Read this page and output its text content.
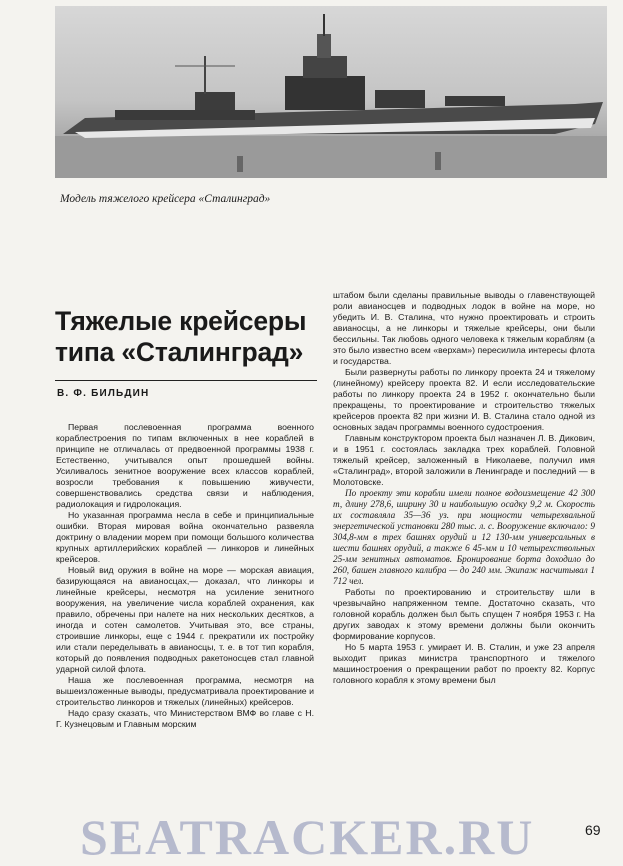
Модель тяжелого крейсера «Сталинград»

Тяжелые крейсеры
типа «Сталинград»

В. Ф. БИЛЬДИН

Первая послевоенная программа военного кораблестроения по типам включенных в нее кораблей в принципе не отличалась от предвоенной программы 1938 г. Естественно, учитывался опыт прошедшей войны. Усиливалось зенитное вооружение всех классов кораблей, возросли требования к повышению живучести, совершенствовались средства связи и наблюдения, радиолокация и гидролокация.

Но указанная программа несла в себе и принципиальные ошибки. Вторая мировая война окончательно развеяла доктрину о владении морем при помощи большого количества крупных артиллерийских кораблей — линкоров и линейных крейсеров.

Новый вид оружия в войне на море — морская авиация, базирующаяся на авианосцах,— доказал, что линкоры и линейные крейсеры, несмотря на усиление зенитного вооружения, на увеличение числа кораблей охранения, как правило, обречены при налете на них нескольких десятков, а иногда и сотен самолетов. Учитывая это, все страны, строившие линкоры, еще с 1944 г. прекратили их постройку или стали переделывать в авианосцы, т. е. в тот тип корабля, который до появления подводных ракетоносцев стал главной ударной силой флота.

Наша же послевоенная программа, несмотря на вышеизложенные выводы, предусматривала проектирование и строительство линкоров и тяжелых (линейных) крейсеров.

Надо сразу сказать, что Министерством ВМФ во главе с Н. Г. Кузнецовым и Главным морским

штабом были сделаны правильные выводы о главенствующей роли авианосцев и подводных лодок в войне на море, но убедить И. В. Сталина, что нужно проектировать и строить авианосцы, а не линкоры и тяжелые крейсеры, они были бессильны. Так любовь одного человека к тяжелым кораблям (а это было известно всем «верхам») пересилила интересы флота и государства.

Были развернуты работы по линкору проекта 24 и тяжелому (линейному) крейсеру проекта 82. И если исследовательские работы по линкору проекта 24 в 1952 г. окончательно были прекращены, то проектирование и строительство тяжелых крейсеров проекта 82 при жизни И. В. Сталина стало одной из основных задач программы военного судостроения.

Главным конструктором проекта был назначен Л. В. Дикович, и в 1951 г. состоялась закладка трех кораблей. Головной тяжелый крейсер, заложенный в Николаеве, получил имя «Сталинград», второй заложили в Ленинграде и последний — в Молотовске.

По проекту эти корабли имели полное водоизмещение 42 300 т, длину 278,6, ширину 30 и наибольшую осадку 9,2 м. Скорость их составляла 35—36 уз. при мощности четырехвальной энергетической установки 280 тыс. л. с. Вооружение включало: 9 304,8-мм в трех башнях орудий и 12 130-мм универсальных в шести башнях орудий, а также 6 45-мм и 10 четырехствольных 25-мм зенитных автоматов. Бронирование борта доходило до 260, башен главного калибра — до 240 мм. Экипаж насчитывал 1 712 чел.

Работы по проектированию и строительству шли в чрезвычайно напряженном темпе. Достаточно сказать, что головной корабль должен был быть спущен 7 ноября 1953 г. На других заводах к этому времени должны были окончить формирование корпусов.

Но 5 марта 1953 г. умирает И. В. Сталин, и уже 23 апреля выходит приказ министра транспортного и тяжелого машиностроения о прекращении работ по проекту 82. Корпус головного корабля к этому времени был

SEATRACKER.RU	69
